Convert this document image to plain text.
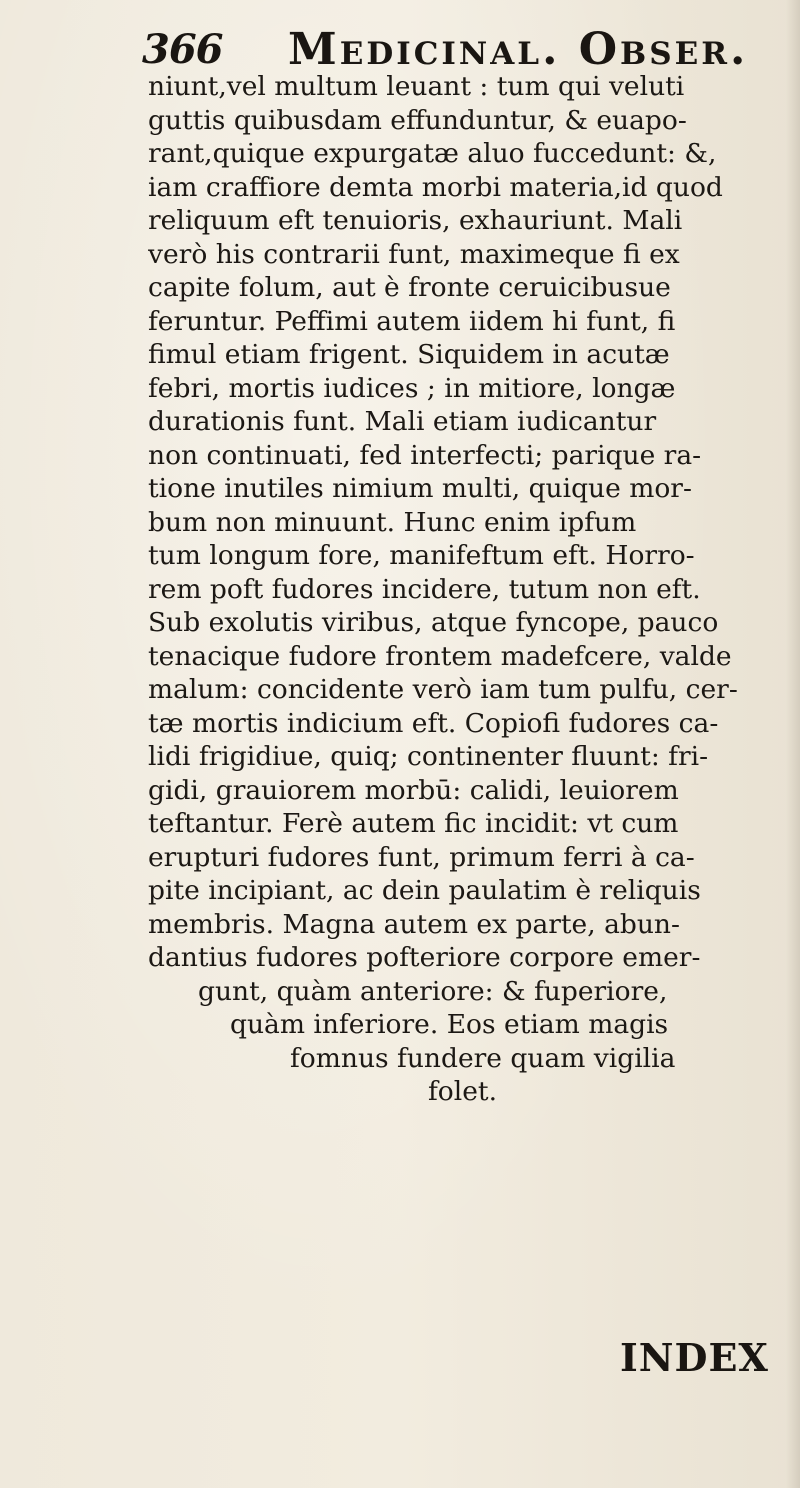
366 Medicinal. Obser.
niunt,vel multum leuant : tum qui veluti
guttis quibusdam effunduntur, & euapo-
rant,quique expurgatæ aluo fuccedunt: &,
iam craffiore demta morbi materia,id quod
reliquum eft tenuioris, exhauriunt. Mali
verò his contrarii funt, maximeque fi ex
capite folum, aut è fronte ceruicibusue
feruntur. Peffimi autem iidem hi funt, fi
fimul etiam frigent. Siquidem in acutæ
febri, mortis iudices ; in mitiore, longæ
durationis funt. Mali etiam iudicantur
non continuati, fed interfecti; parique ra-
tione inutiles nimium multi, quique mor-
bum non minuunt. Hunc enim ipfum
tum longum fore, manifeftum eft. Horro-
rem poft fudores incidere, tutum non eft.
Sub exolutis viribus, atque fyncope, pauco
tenacique fudore frontem madefcere, valde
malum: concidente verò iam tum pulfu, cer-
tæ mortis indicium eft. Copiofi fudores ca-
lidi frigidiue, quiq; continenter fluunt: fri-
gidi, grauiorem morbū: calidi, leuiorem
teftantur. Ferè autem fic incidit: vt cum
erupturi fudores funt, primum ferri à ca-
pite incipiant, ac dein paulatim è reliquis
membris. Magna autem ex parte, abun-
dantius fudores pofteriore corpore emer-
gunt, quàm anteriore: & fuperiore,
quàm inferiore. Eos etiam magis
fomnus fundere quam vigilia
folet.
INDEX
